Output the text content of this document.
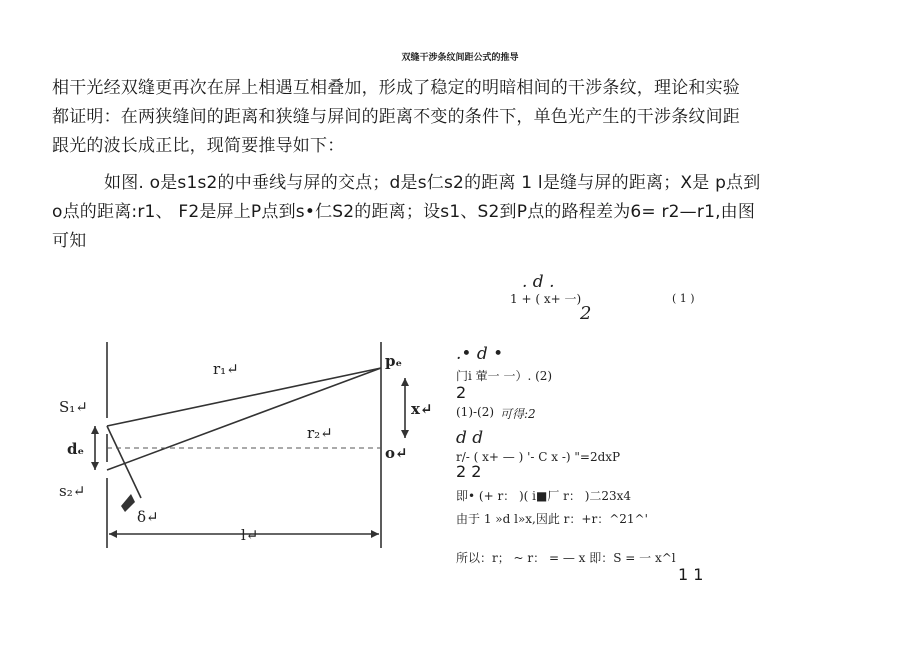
双缝干涉条纹间距公式的推导
相干光经双缝更再次在屏上相遇互相叠加，形成了稳定的明暗相间的干涉条纹，理论和实验
都证明：在两狭缝间的距离和狭缝与屏间的距离不变的条件下，单色光产生的干涉条纹间距
跟光的波长成正比，现简要推导如下：
如图. o是s1s2的中垂线与屏的交点；d是s仁s2的距离 1 l是缝与屏的距离；X是 p点到
o点的距离:r1、 F2是屏上P点到s•仁S2的距离；设s1、S2到P点的路程差为6= r2—r1,由图
可知
S₁↵
s₂↵
dₑ
r₁↵
r₂↵
pₑ
o↵
x↵
δ↵
l↵
. d .
1 + ( x+ 一)	( 1 )
2
.• d •
门i 葷一 一）. (2)
2
(1)-(2) 可得:2
d d
r/- ( x+ — ) '- C x -) "=2dxP
2 2
即• (+ r： )( i■厂 r： )二23x4
由于 1 »d l»x,因此 r：+r：^21^'
所以：r； ~ r： = — x 即：S = 一 x^l
1 1
